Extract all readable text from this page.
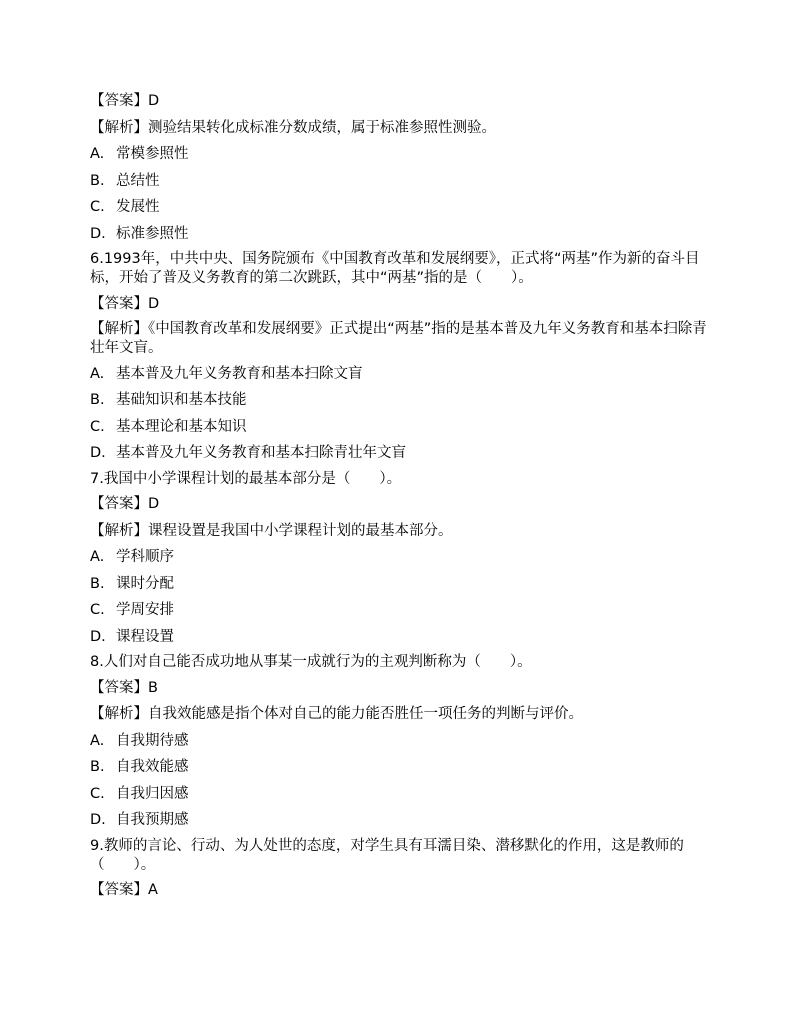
【答案】D
【解析】测验结果转化成标准分数成绩，属于标准参照性测验。
A. 常模参照性
B. 总结性
C. 发展性
D. 标准参照性
6.1993年，中共中央、国务院颁布《中国教育改革和发展纲要》，正式将“两基”作为新的奋斗目标，开始了普及义务教育的第二次跳跃，其中“两基”指的是（　　）。
【答案】D
【解析】《中国教育改革和发展纲要》正式提出“两基”指的是基本普及九年义务教育和基本扫除青壮年文盲。
A. 基本普及九年义务教育和基本扫除文盲
B. 基础知识和基本技能
C. 基本理论和基本知识
D. 基本普及九年义务教育和基本扫除青壮年文盲
7.我国中小学课程计划的最基本部分是（　　）。
【答案】D
【解析】课程设置是我国中小学课程计划的最基本部分。
A. 学科顺序
B. 课时分配
C. 学周安排
D. 课程设置
8.人们对自己能否成功地从事某一成就行为的主观判断称为（　　）。
【答案】B
【解析】自我效能感是指个体对自己的能力能否胜任一项任务的判断与评价。
A. 自我期待感
B. 自我效能感
C. 自我归因感
D. 自我预期感
9.教师的言论、行动、为人处世的态度，对学生具有耳濡目染、潜移默化的作用，这是教师的（　　）。
【答案】A
